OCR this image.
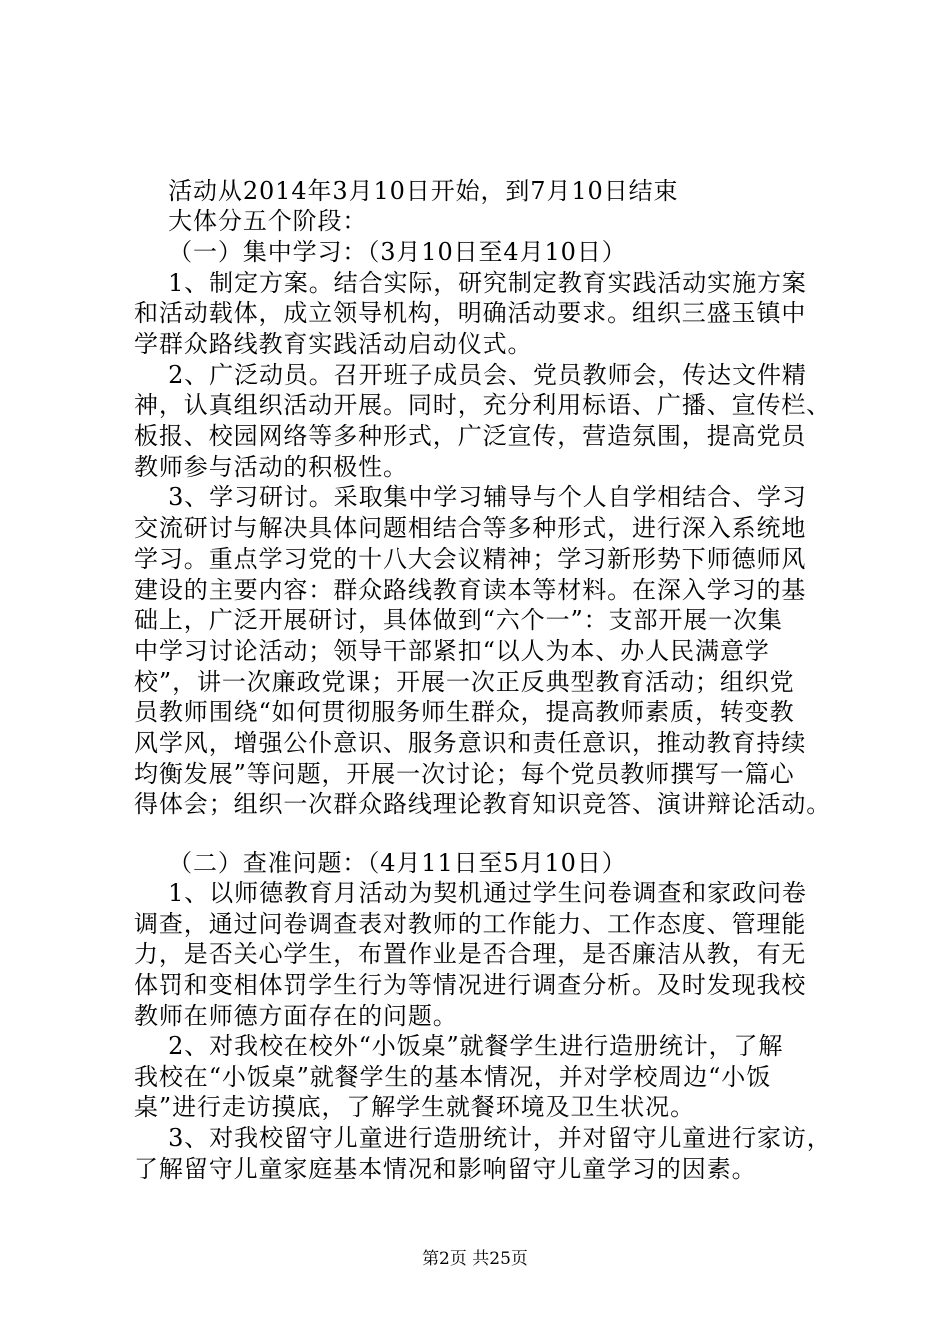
活动从2014年3月10日开始，到7月10日结束
大体分五个阶段：
（一）集中学习：（3月10日至4月10日）
1、制定方案。结合实际，研究制定教育实践活动实施方案
和活动载体，成立领导机构，明确活动要求。组织三盛玉镇中
学群众路线教育实践活动启动仪式。
2、广泛动员。召开班子成员会、党员教师会，传达文件精
神，认真组织活动开展。同时，充分利用标语、广播、宣传栏、
板报、校园网络等多种形式，广泛宣传，营造氛围，提高党员
教师参与活动的积极性。
3、学习研讨。采取集中学习辅导与个人自学相结合、学习
交流研讨与解决具体问题相结合等多种形式，进行深入系统地
学习。重点学习党的十八大会议精神；学习新形势下师德师风
建设的主要内容：群众路线教育读本等材料。在深入学习的基
础上，广泛开展研讨，具体做到“六个一”：支部开展一次集
中学习讨论活动；领导干部紧扣“以人为本、办人民满意学
校”，讲一次廉政党课；开展一次正反典型教育活动；组织党
员教师围绕“如何贯彻服务师生群众，提高教师素质，转变教
风学风，增强公仆意识、服务意识和责任意识，推动教育持续
均衡发展”等问题，开展一次讨论；每个党员教师撰写一篇心
得体会；组织一次群众路线理论教育知识竞答、演讲辩论活动。
（二）查准问题：（4月11日至5月10日）
1、以师德教育月活动为契机通过学生问卷调查和家政问卷
调查，通过问卷调查表对教师的工作能力、工作态度、管理能
力，是否关心学生，布置作业是否合理，是否廉洁从教，有无
体罚和变相体罚学生行为等情况进行调查分析。及时发现我校
教师在师德方面存在的问题。
2、对我校在校外“小饭桌”就餐学生进行造册统计，了解
我校在“小饭桌”就餐学生的基本情况，并对学校周边“小饭
桌”进行走访摸底，了解学生就餐环境及卫生状况。
3、对我校留守儿童进行造册统计，并对留守儿童进行家访，
了解留守儿童家庭基本情况和影响留守儿童学习的因素。
第2页 共25页
